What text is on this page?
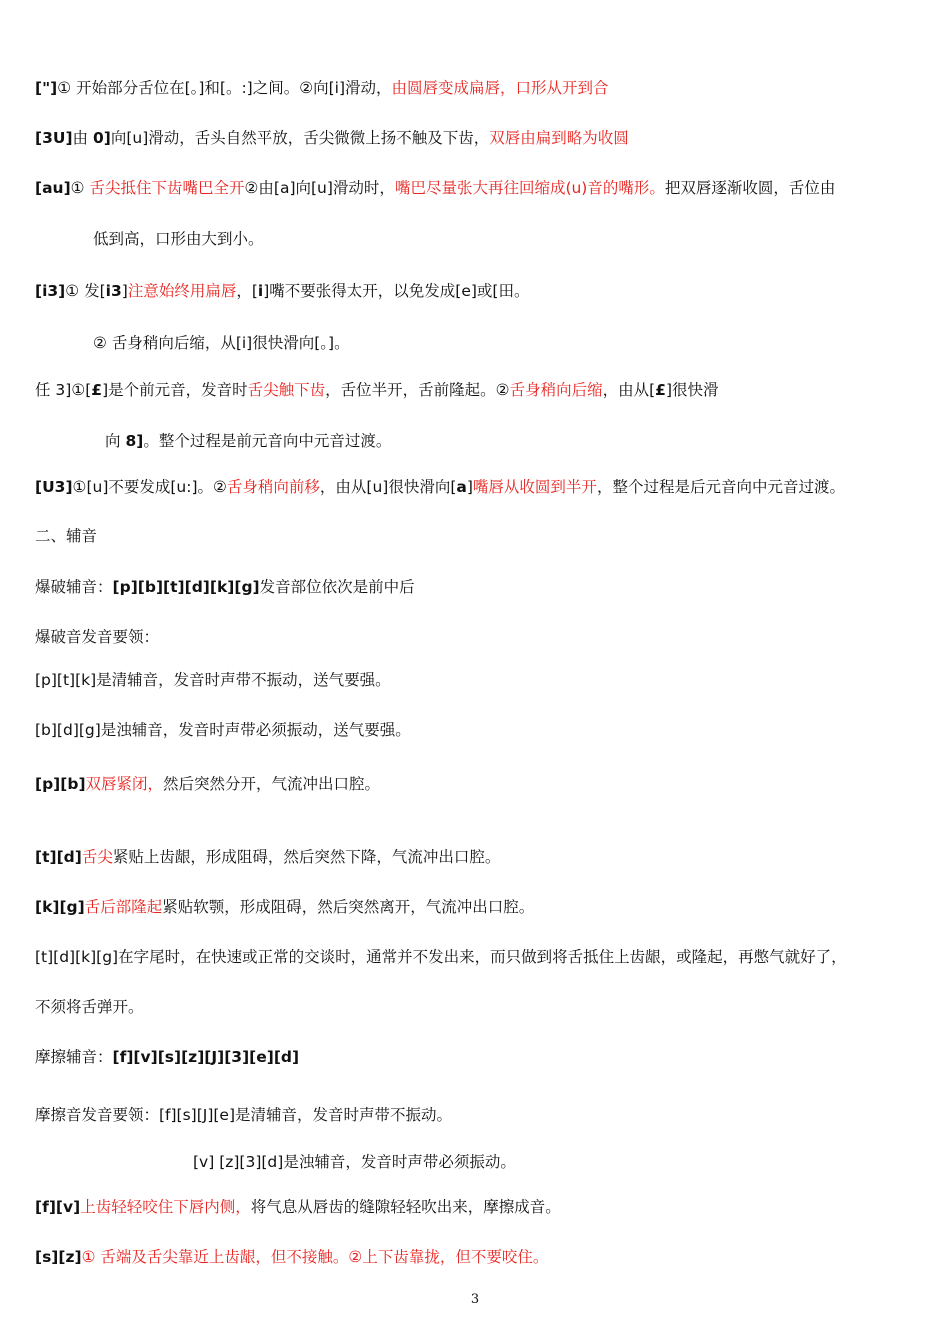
["]① 开始部分舌位在[。]和[。:]之间。②向[i]滑动，由圆唇变成扁唇，口形从开到合
[3U]由 0]向[u]滑动，舌头自然平放，舌尖微微上扬不触及下齿，双唇由扁到略为收圆
[au]① 舌尖抵住下齿嘴巴全开②由[a]向[u]滑动时，嘴巴尽量张大再往回缩成(u)音的嘴形。把双唇逐渐收圆，舌位由
低到高，口形由大到小。
[i3]① 发[i3]注意始终用扁唇，[i]嘴不要张得太开，以免发成[e]或[田。
② 舌身稍向后缩，从[i]很快滑向[。]。
任 3]①[£]是个前元音，发音时舌尖触下齿，舌位半开，舌前隆起。②舌身稍向后缩，由从[£]很快滑
向 8]。整个过程是前元音向中元音过渡。
[U3]①[u]不要发成[u:]。②舌身稍向前移，由从[u]很快滑向[a]嘴唇从收圆到半开，整个过程是后元音向中元音过渡。
二、辅音
爆破辅音：[p][b][t][d][k][g]发音部位依次是前中后
爆破音发音要领：
[p][t][k]是清辅音，发音时声带不振动，送气要强。
[b][d][g]是浊辅音，发音时声带必须振动，送气要强。
[p][b]双唇紧闭，然后突然分开，气流冲出口腔。
[t][d]舌尖紧贴上齿龈，形成阻碍，然后突然下降，气流冲出口腔。
[k][g]舌后部隆起紧贴软颚，形成阻碍，然后突然离开，气流冲出口腔。
[t][d][k][g]在字尾时，在快速或正常的交谈时，通常并不发出来，而只做到将舌抵住上齿龈，或隆起，再憋气就好了，
不须将舌弹开。
摩擦辅音：[f][v][s][z][J][3][e][d]
摩擦音发音要领：[f][s][J][e]是清辅音，发音时声带不振动。
[v] [z][3][d]是浊辅音，发音时声带必须振动。
[f][v]上齿轻轻咬住下唇内侧，将气息从唇齿的缝隙轻轻吹出来，摩擦成音。
[s][z]① 舌端及舌尖靠近上齿龈，但不接触。②上下齿靠拢，但不要咬住。
3
